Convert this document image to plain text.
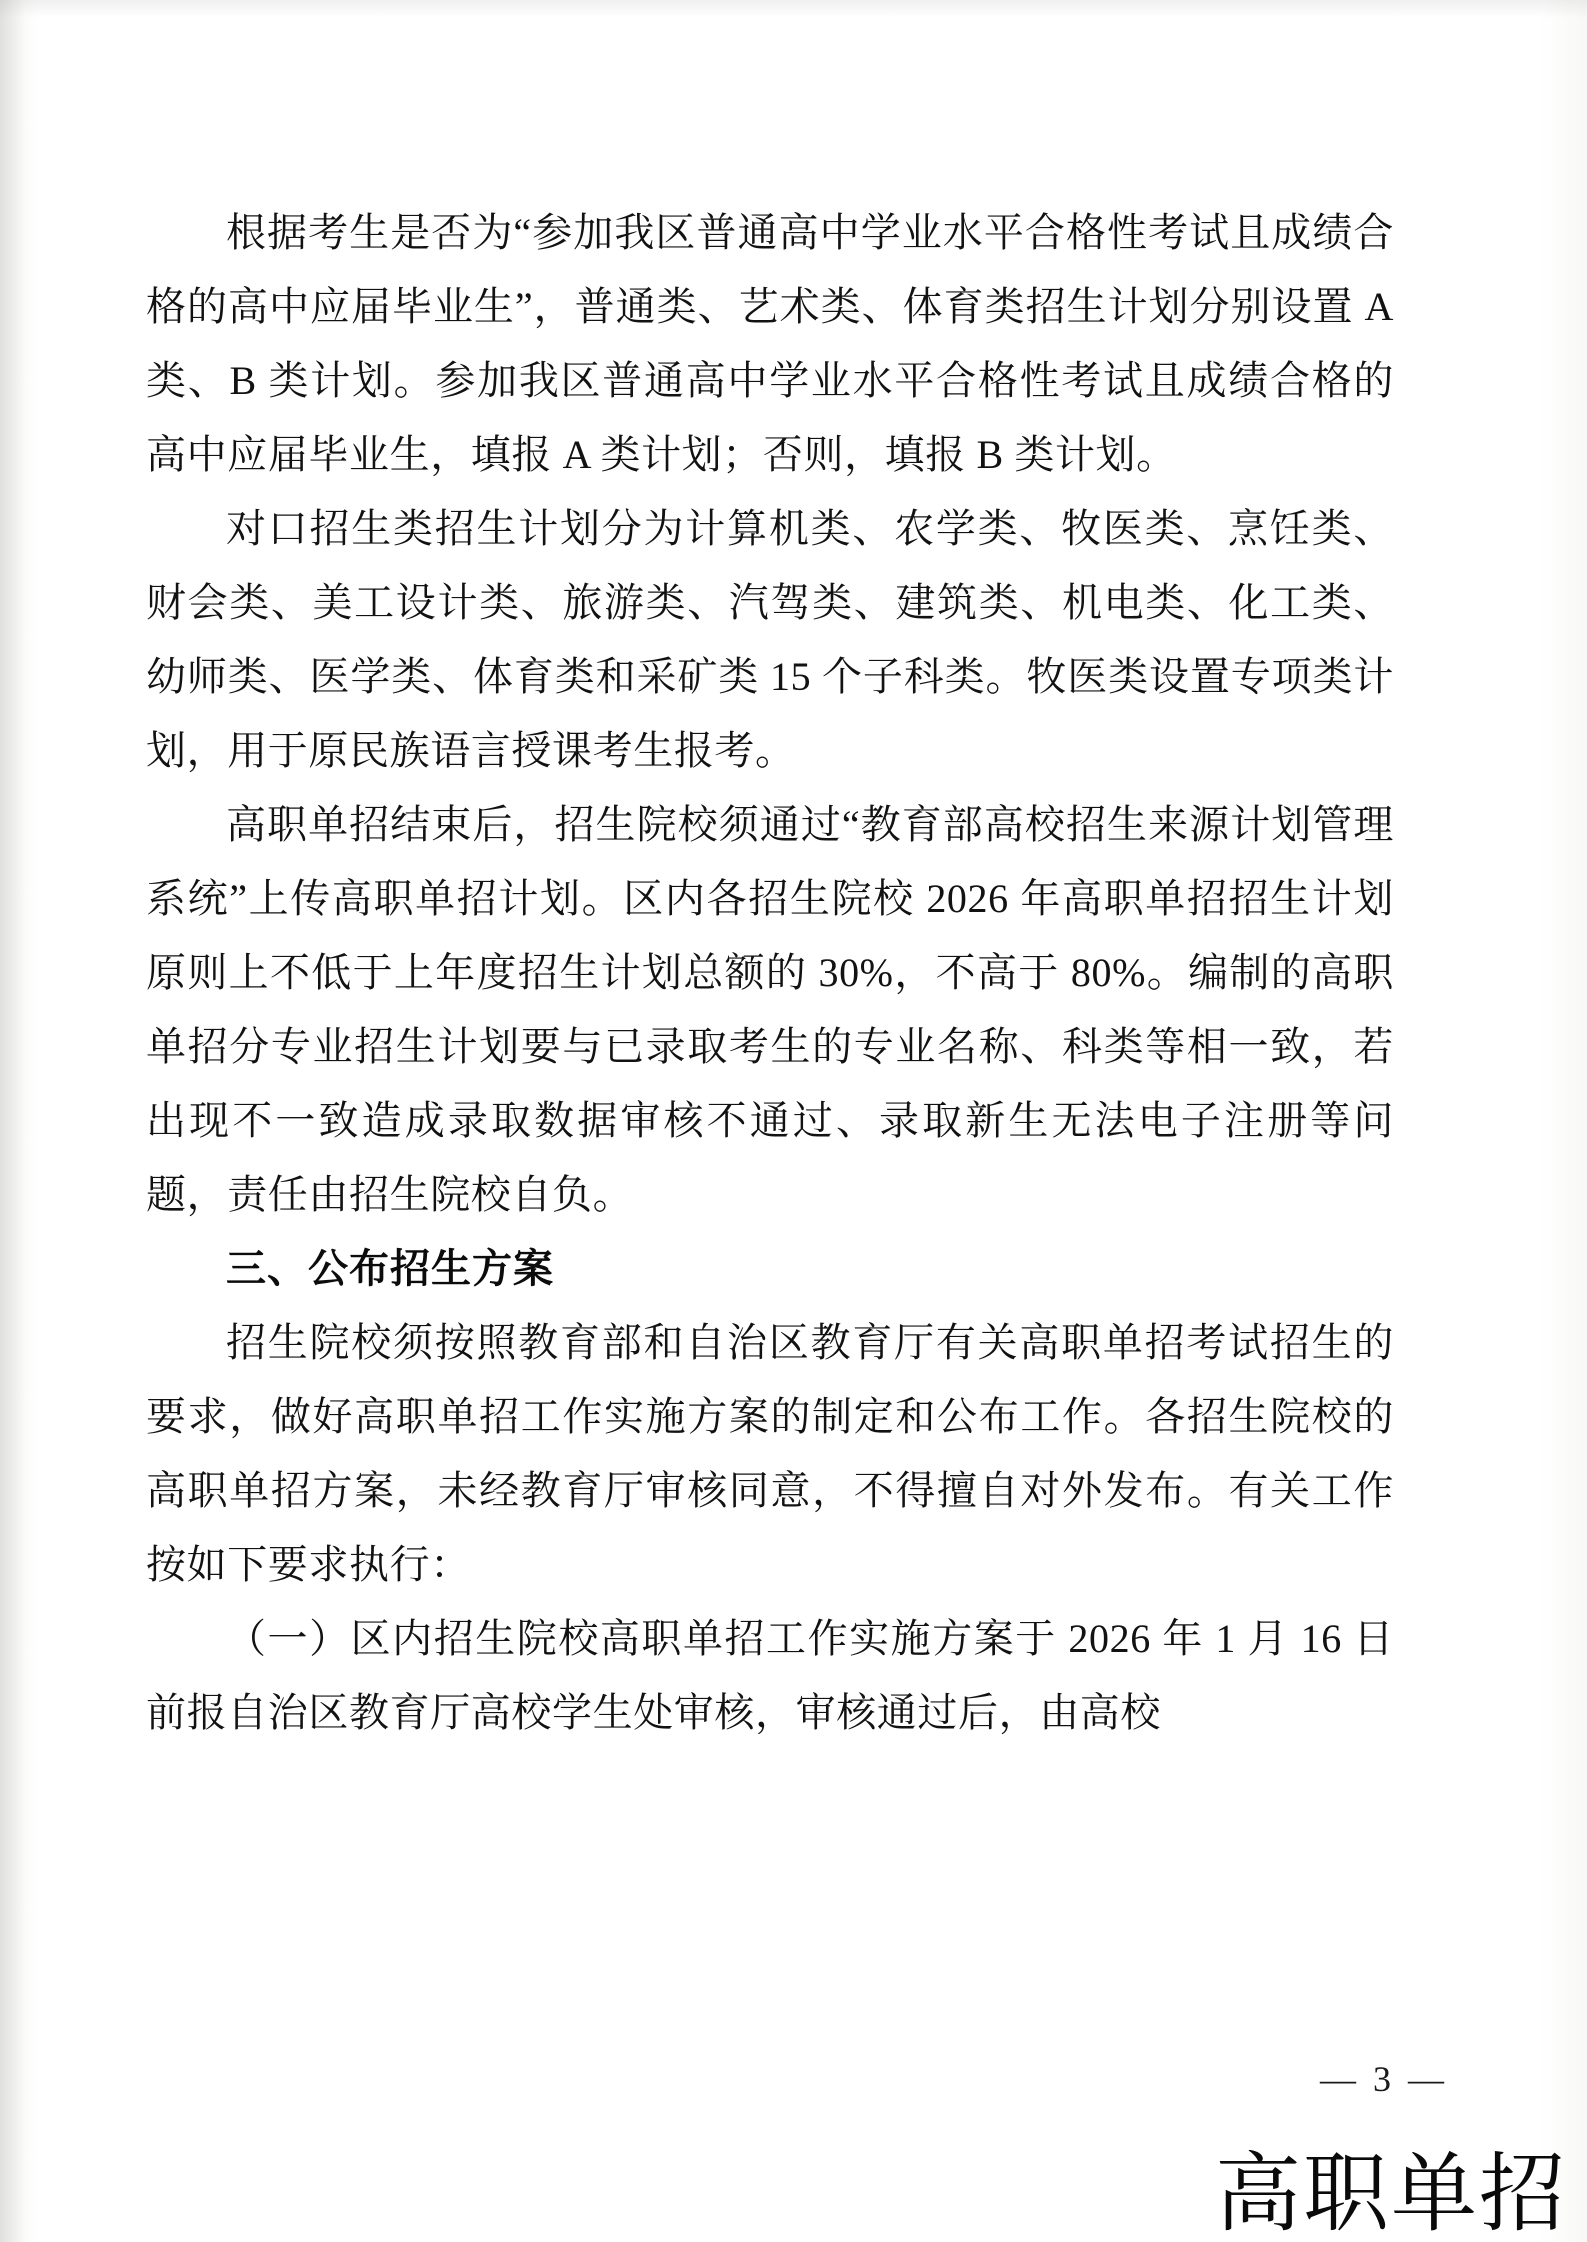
根据考生是否为“参加我区普通高中学业水平合格性考试且成绩合格的高中应届毕业生”，普通类、艺术类、体育类招生计划分别设置 A 类、B 类计划。参加我区普通高中学业水平合格性考试且成绩合格的高中应届毕业生，填报 A 类计划；否则，填报 B 类计划。

对口招生类招生计划分为计算机类、农学类、牧医类、烹饪类、财会类、美工设计类、旅游类、汽驾类、建筑类、机电类、化工类、幼师类、医学类、体育类和采矿类 15 个子科类。牧医类设置专项类计划，用于原民族语言授课考生报考。

高职单招结束后，招生院校须通过“教育部高校招生来源计划管理系统”上传高职单招计划。区内各招生院校 2026 年高职单招招生计划原则上不低于上年度招生计划总额的 30%，不高于 80%。编制的高职单招分专业招生计划要与已录取考生的专业名称、科类等相一致，若出现不一致造成录取数据审核不通过、录取新生无法电子注册等问题，责任由招生院校自负。

三、公布招生方案

招生院校须按照教育部和自治区教育厅有关高职单招考试招生的要求，做好高职单招工作实施方案的制定和公布工作。各招生院校的高职单招方案，未经教育厅审核同意，不得擅自对外发布。有关工作按如下要求执行：

（一）区内招生院校高职单招工作实施方案于 2026 年 1 月 16 日前报自治区教育厅高校学生处审核，审核通过后，由高校

— 3 —
高职单招
